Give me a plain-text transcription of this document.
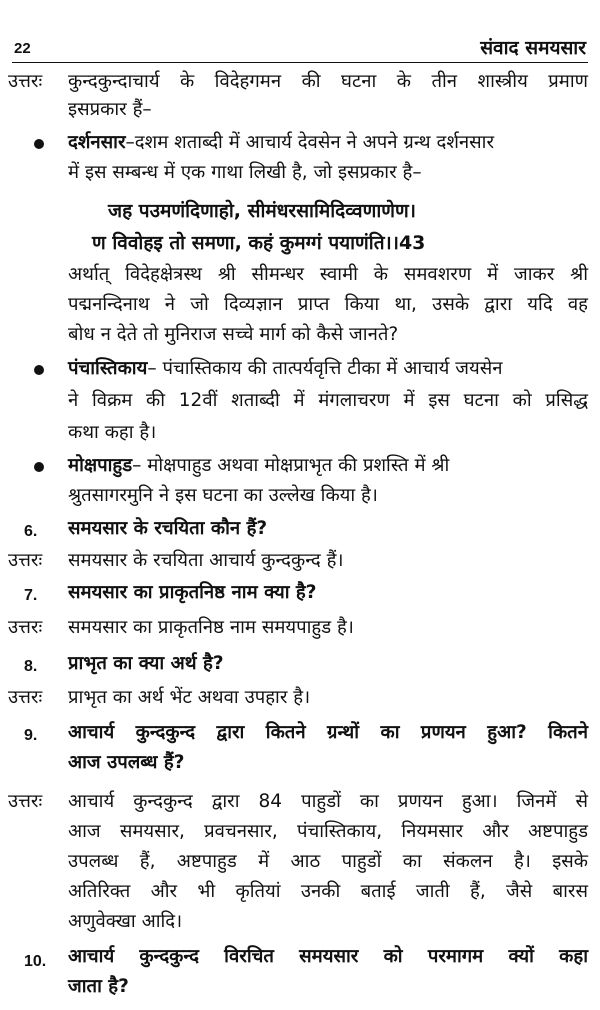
22	संवाद समयसार
उत्तरः कुन्दकुन्दाचार्य के विदेहगमन की घटना के तीन शास्त्रीय प्रमाण
इसप्रकार हैं–
दर्शनसार–दशम शताब्दी में आचार्य देवसेन ने अपने ग्रन्थ दर्शनसार
में इस सम्बन्ध में एक गाथा लिखी है, जो इसप्रकार है–
जह पउमणंदिणाहो, सीमंधरसामिदिव्वणाणेण।
ण विवोहइ तो समणा, कहं कुमग्गं पयाणंति।।43
अर्थात् विदेहक्षेत्रस्थ श्री सीमन्धर स्वामी के समवशरण में जाकर श्री
पद्मनन्दिनाथ ने जो दिव्यज्ञान प्राप्त किया था, उसके द्वारा यदि वह
बोध न देते तो मुनिराज सच्चे मार्ग को कैसे जानते?
पंचास्तिकाय– पंचास्तिकाय की तात्पर्यवृत्ति टीका में आचार्य जयसेन
ने विक्रम की 12वीं शताब्दी में मंगलाचरण में इस घटना को प्रसिद्ध
कथा कहा है।
मोक्षपाहुड– मोक्षपाहुड अथवा मोक्षप्राभृत की प्रशस्ति में श्री
श्रुतसागरमुनि ने इस घटना का उल्लेख किया है।
6. समयसार के रचयिता कौन हैं?
उत्तरः समयसार के रचयिता आचार्य कुन्दकुन्द हैं।
7. समयसार का प्राकृतनिष्ठ नाम क्या है?
उत्तरः समयसार का प्राकृतनिष्ठ नाम समयपाहुड है।
8. प्राभृत का क्या अर्थ है?
उत्तरः प्राभृत का अर्थ भेंट अथवा उपहार है।
9. आचार्य कुन्दकुन्द द्वारा कितने ग्रन्थों का प्रणयन हुआ? कितने
आज उपलब्ध हैं?
उत्तरः आचार्य कुन्दकुन्द द्वारा 84 पाहुडों का प्रणयन हुआ। जिनमें से
आज समयसार, प्रवचनसार, पंचास्तिकाय, नियमसार और अष्टपाहुड
उपलब्ध हैं, अष्टपाहुड में आठ पाहुडों का संकलन है। इसके
अतिरिक्त और भी कृतियां उनकी बताई जाती हैं, जैसे बारस
अणुवेक्खा आदि।
10. आचार्य कुन्दकुन्द विरचित समयसार को परमागम क्यों कहा
जाता है?
